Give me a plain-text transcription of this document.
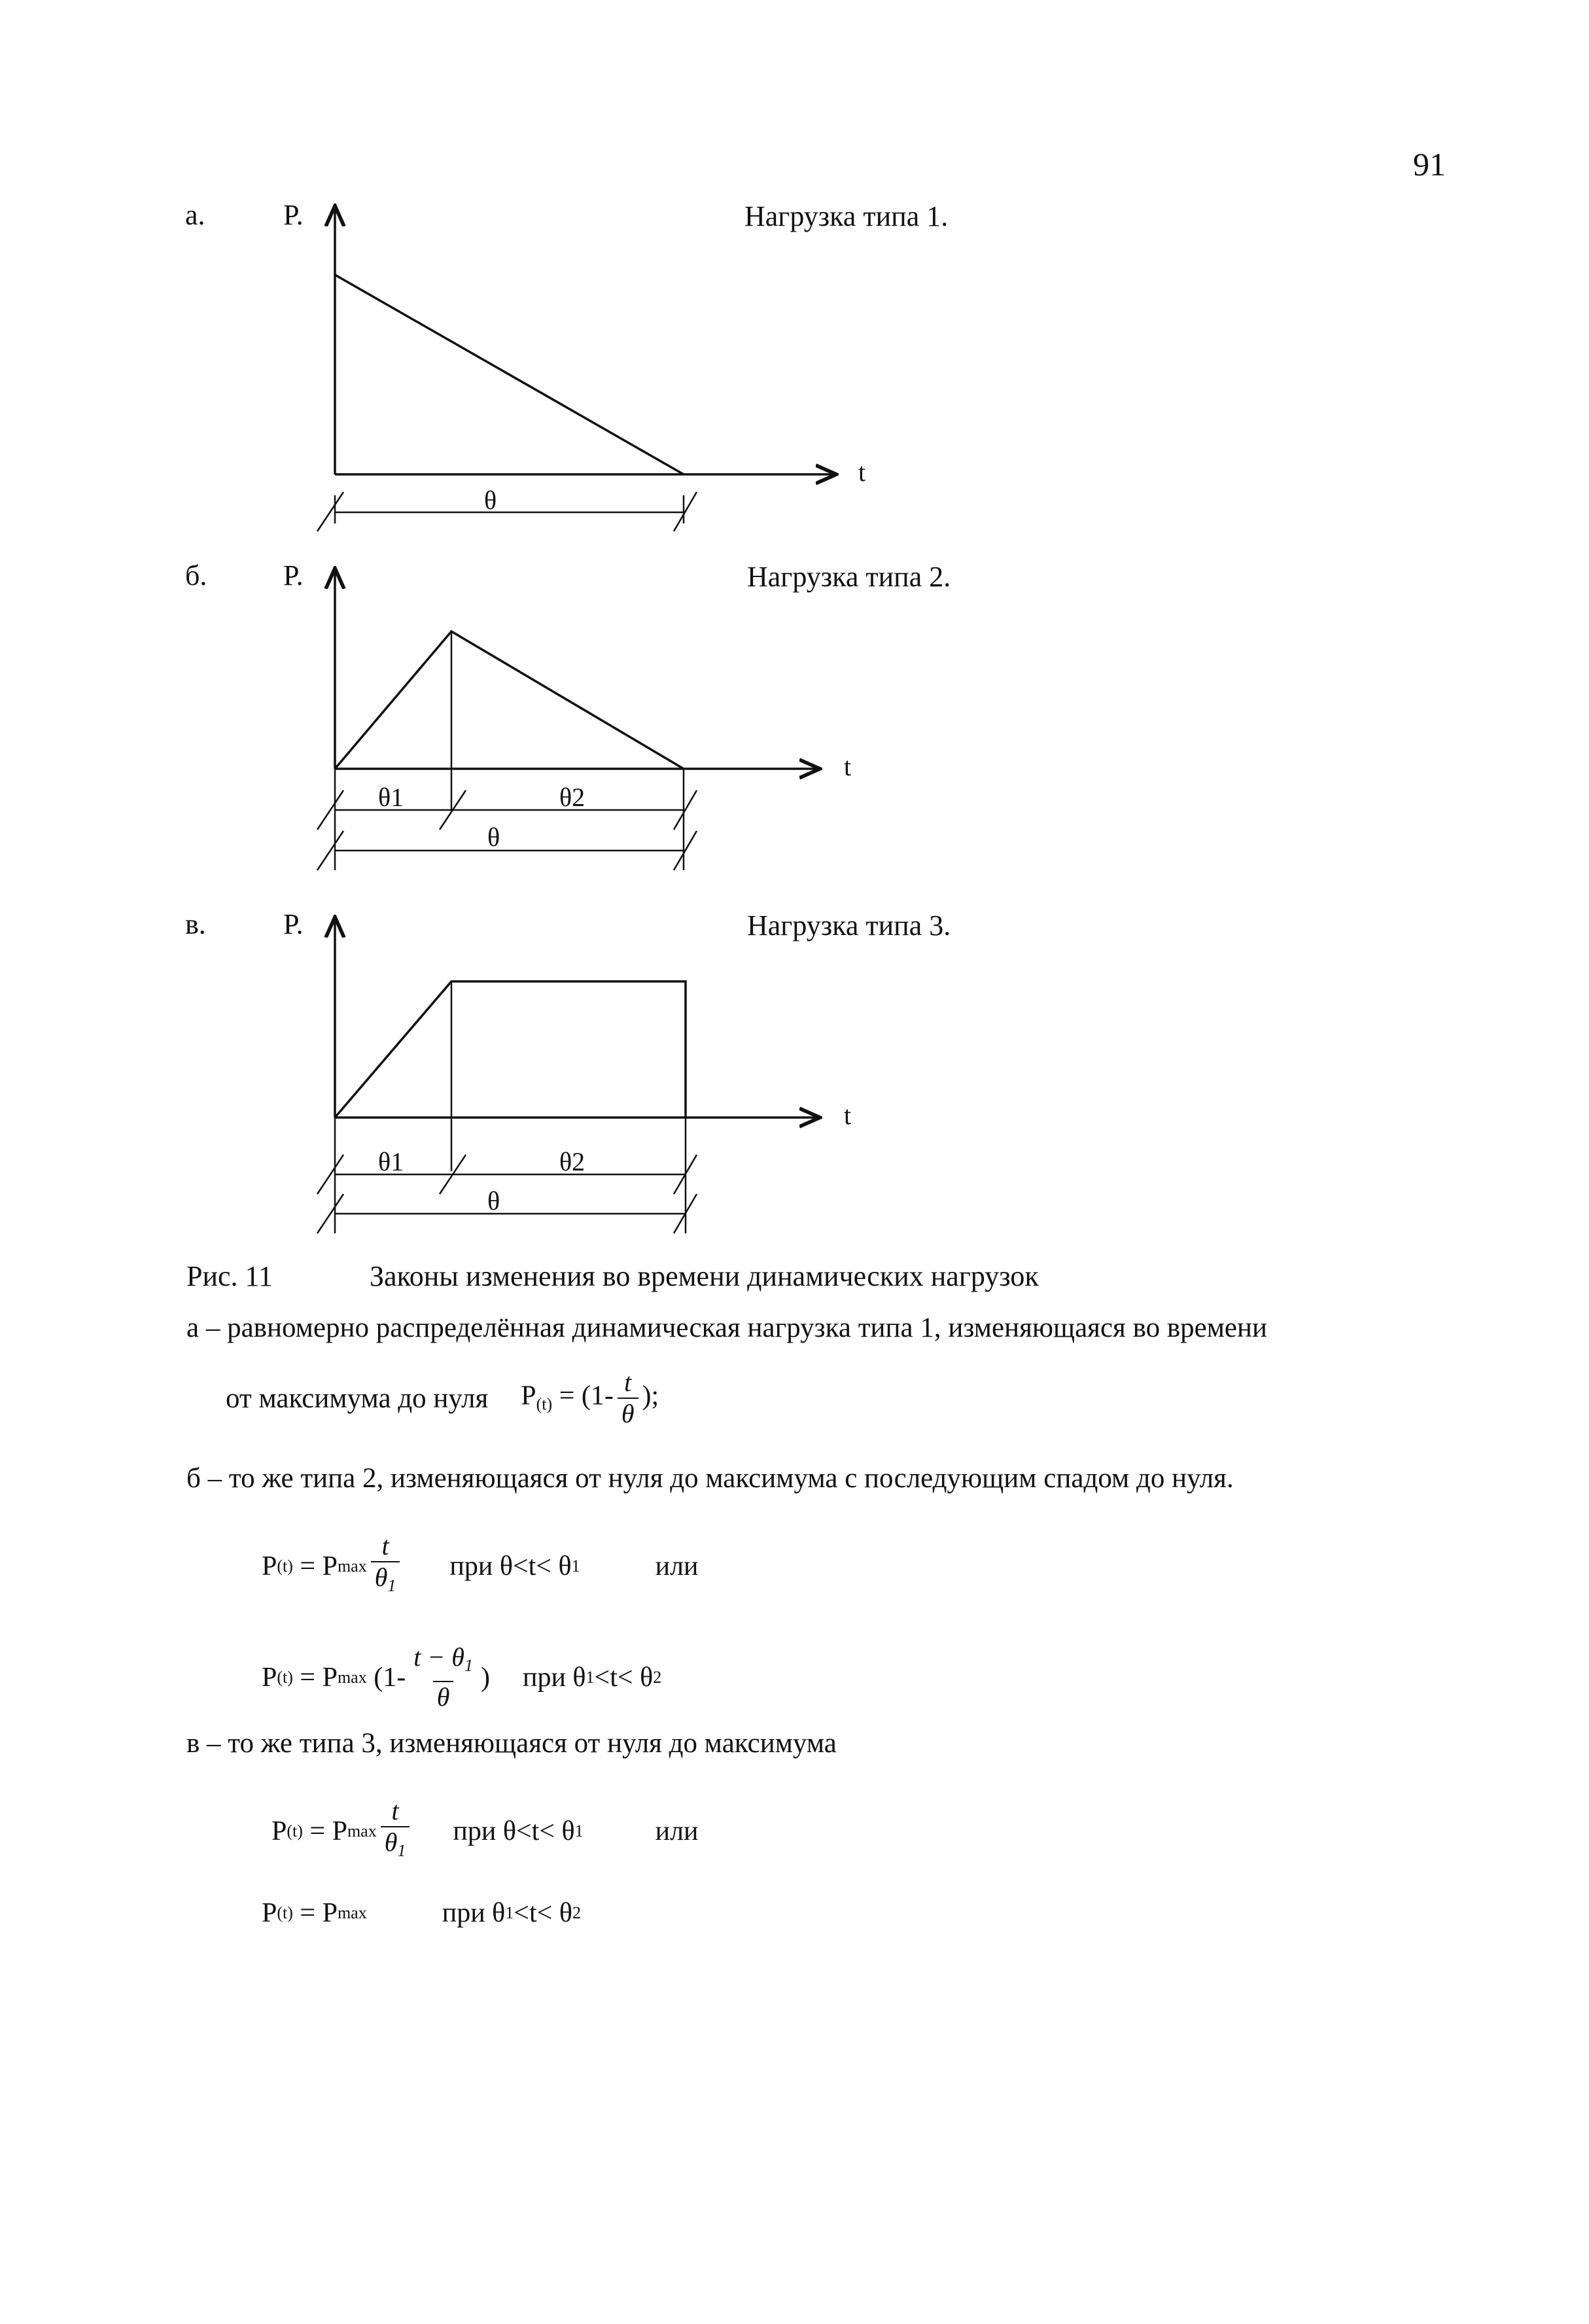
91
а.	P.	Нагрузка типа 1.
б.	P.	Нагрузка типа 2.
в.	P.	Нагрузка типа 3.
t
θ
t
θ1	θ2
θ
t
θ1	θ2
θ
Рис. 11	Законы изменения во времени динамических нагрузок
а – равномерно распределённая динамическая нагрузка типа 1, изменяющаяся во времени
от максимума до нуля $P_{(t)} = (1- \frac{t}{\theta}$ );
б – то же типа 2, изменяющаяся от нуля до максимума с последующим спадом до нуля.
P (t)
=
P $\max \frac{t}{\theta_1}$ при θ<t< θ 1	или
P (t)
=
P max
($1- \frac{t - \theta_1}{\theta}$ ) при θ 1 <t< θ 2
в – то же типа 3, изменяющаяся от нуля до максимума
P (t)
=
P $\max \frac{t}{\theta_1}$ при θ<t< θ 1	или
P (t)
=
P max	при θ 1 <t< θ 2
